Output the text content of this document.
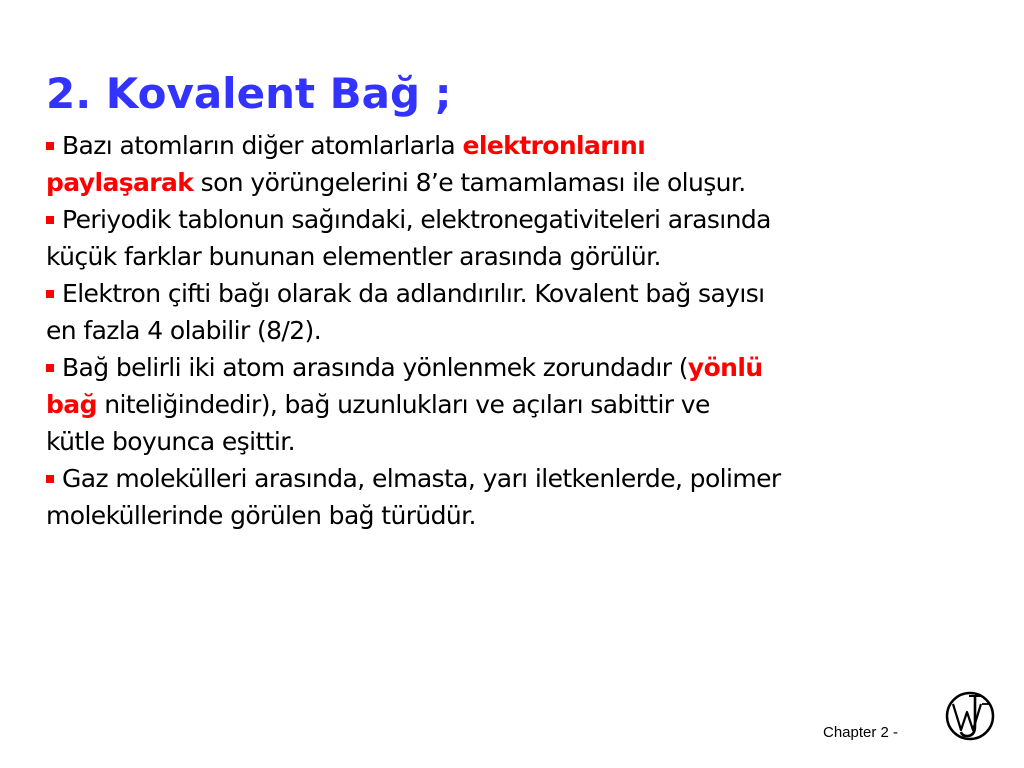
2. Kovalent Bağ ;

Bazı atomların diğer atomlarlarla elektronlarını
paylaşarak son yörüngelerini 8’e tamamlaması ile oluşur.

Periyodik tablonun sağındaki, elektronegativiteleri arasında
küçük farklar bununan elementler arasında görülür.

Elektron çifti bağı olarak da adlandırılır. Kovalent bağ sayısı
en fazla 4 olabilir (8/2).

Bağ belirli iki atom arasında yönlenmek zorundadır (yönlü
bağ niteliğindedir), bağ uzunlukları ve açıları sabittir ve
kütle boyunca eşittir.

Gaz molekülleri arasında, elmasta, yarı iletkenlerde, polimer
moleküllerinde görülen bağ türüdür.

Chapter 2 -
